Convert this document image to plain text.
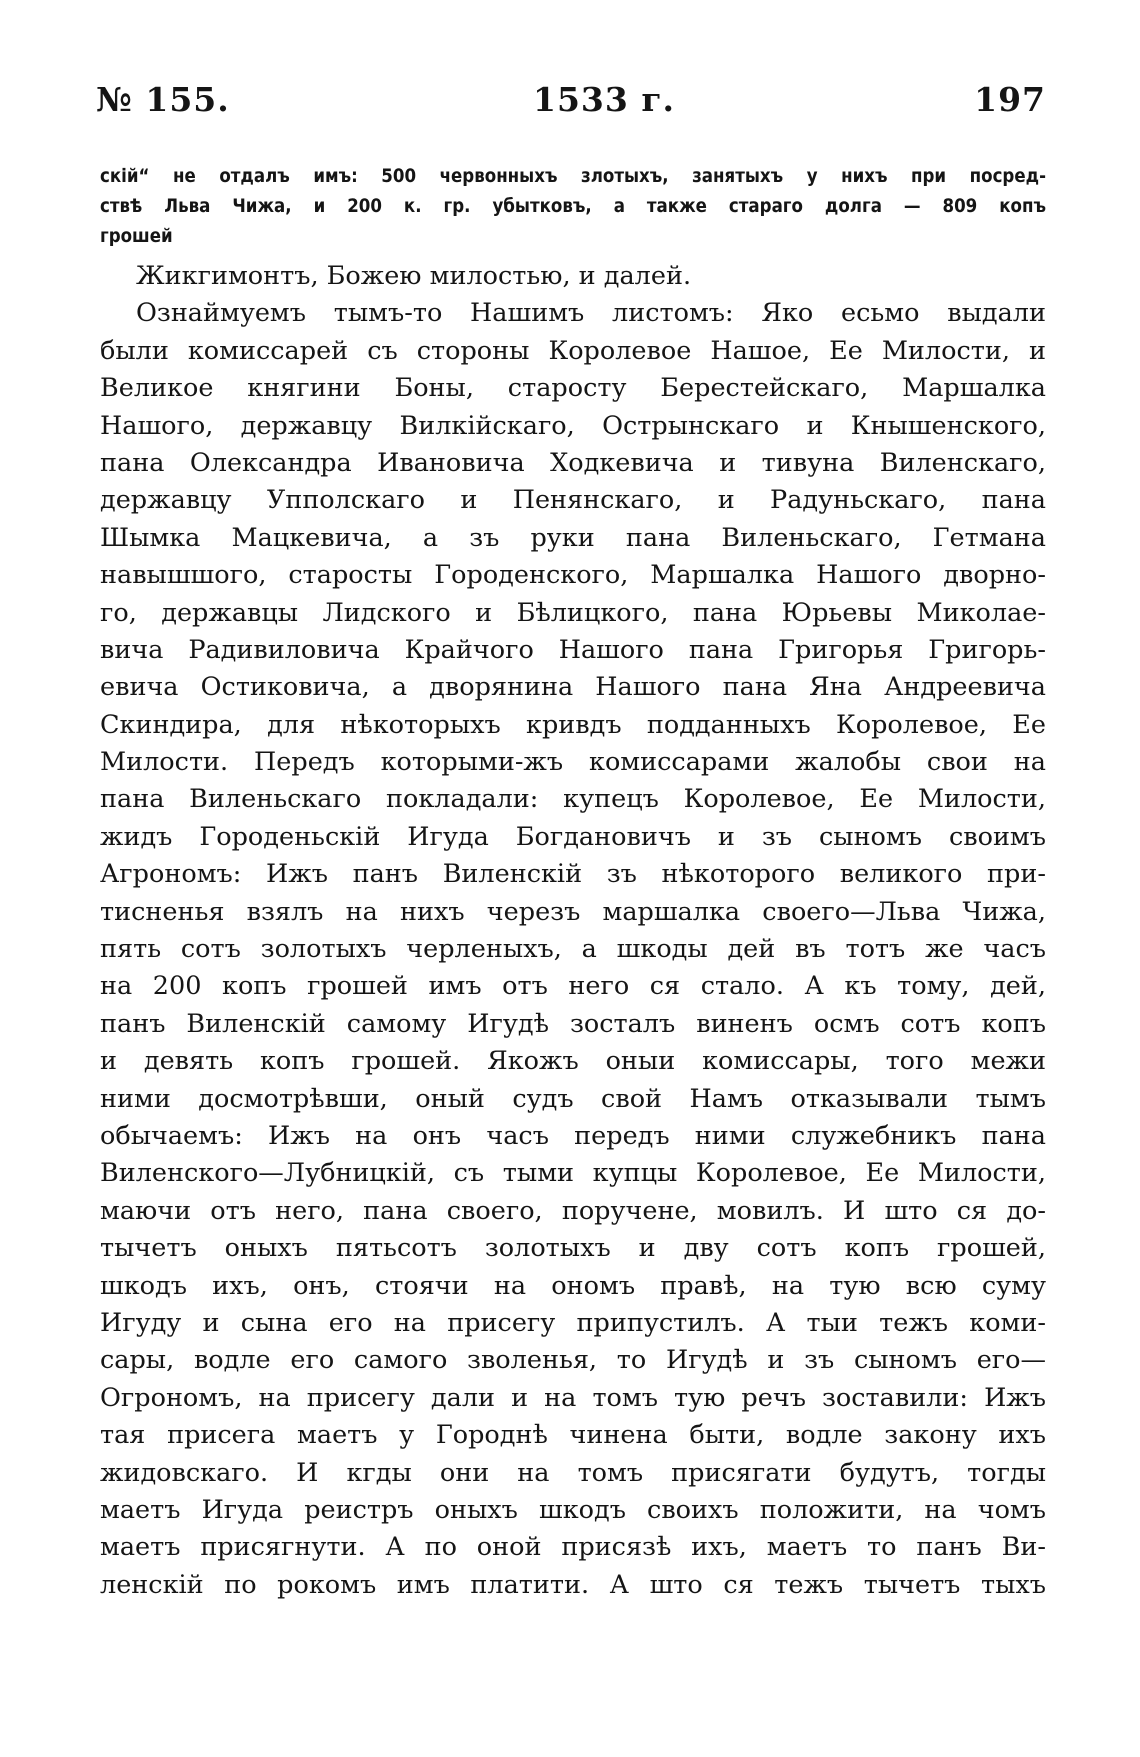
№ 155.	1533 г.	197
скій“ не отдалъ имъ: 500 червонныхъ злотыхъ, занятыхъ у нихъ при посред-
ствѣ Льва Чижа, и 200 к. гр. убытковъ, а также стараго долга — 809 копъ
грошей
Жикгимонтъ, Божею милостью, и далей.
Ознаймуемъ тымъ-то Нашимъ листомъ: Яко есьмо выдали
были комиссарей съ стороны Королевое Нашое, Ее Милости, и
Великое княгини Боны, старосту Берестейскаго, Маршалка
Нашого, державцу Вилкійскаго, Острынскаго и Кнышенского,
пана Олександра Ивановича Ходкевича и тивуна Виленскаго,
державцу Упполскаго и Пенянскаго, и Радуньскаго, пана
Шымка Мацкевича, а зъ руки пана Виленьскаго, Гетмана
навышшого, старосты Городенского, Маршалка Нашого дворно-
го, державцы Лидского и Бѣлицкого, пана Юрьевы Миколае-
вича Радивиловича Крайчого Нашого пана Григорья Григорь-
евича Остиковича, а дворянина Нашого пана Яна Андреевича
Скиндира, для нѣкоторыхъ кривдъ подданныхъ Королевое, Ее
Милости. Передъ которыми-жъ комиссарами жалобы свои на
пана Виленьскаго покладали: купецъ Королевое, Ее Милости,
жидъ Городеньскій Игуда Богдановичъ и зъ сыномъ своимъ
Агрономъ: Ижъ панъ Виленскій зъ нѣкоторого великого при-
тисненья взялъ на нихъ черезъ маршалка своего—Льва Чижа,
пять сотъ золотыхъ черленыхъ, а шкоды дей въ тотъ же часъ
на 200 копъ грошей имъ отъ него ся стало. А къ тому, дей,
панъ Виленскій самому Игудѣ зосталъ виненъ осмъ сотъ копъ
и девять копъ грошей. Якожъ оныи комиссары, того межи
ними досмотрѣвши, оный судъ свой Намъ отказывали тымъ
обычаемъ: Ижъ на онъ часъ передъ ними служебникъ пана
Виленского—Лубницкій, съ тыми купцы Королевое, Ее Милости,
маючи отъ него, пана своего, поручене, мовилъ. И што ся до-
тычетъ оныхъ пятьсотъ золотыхъ и дву сотъ копъ грошей,
шкодъ ихъ, онъ, стоячи на ономъ правѣ, на тую всю суму
Игуду и сына его на присегу припустилъ. А тыи тежъ коми-
сары, водле его самого зволенья, то Игудѣ и зъ сыномъ его—
Огрономъ, на присегу дали и на томъ тую речъ зоставили: Ижъ
тая присега маетъ у Городнѣ чинена быти, водле закону ихъ
жидовскаго. И кгды они на томъ присягати будутъ, тогды
маетъ Игуда реистръ оныхъ шкодъ своихъ положити, на чомъ
маетъ присягнути. А по оной присязѣ ихъ, маетъ то панъ Ви-
ленскій по рокомъ имъ платити. А што ся тежъ тычетъ тыхъ
